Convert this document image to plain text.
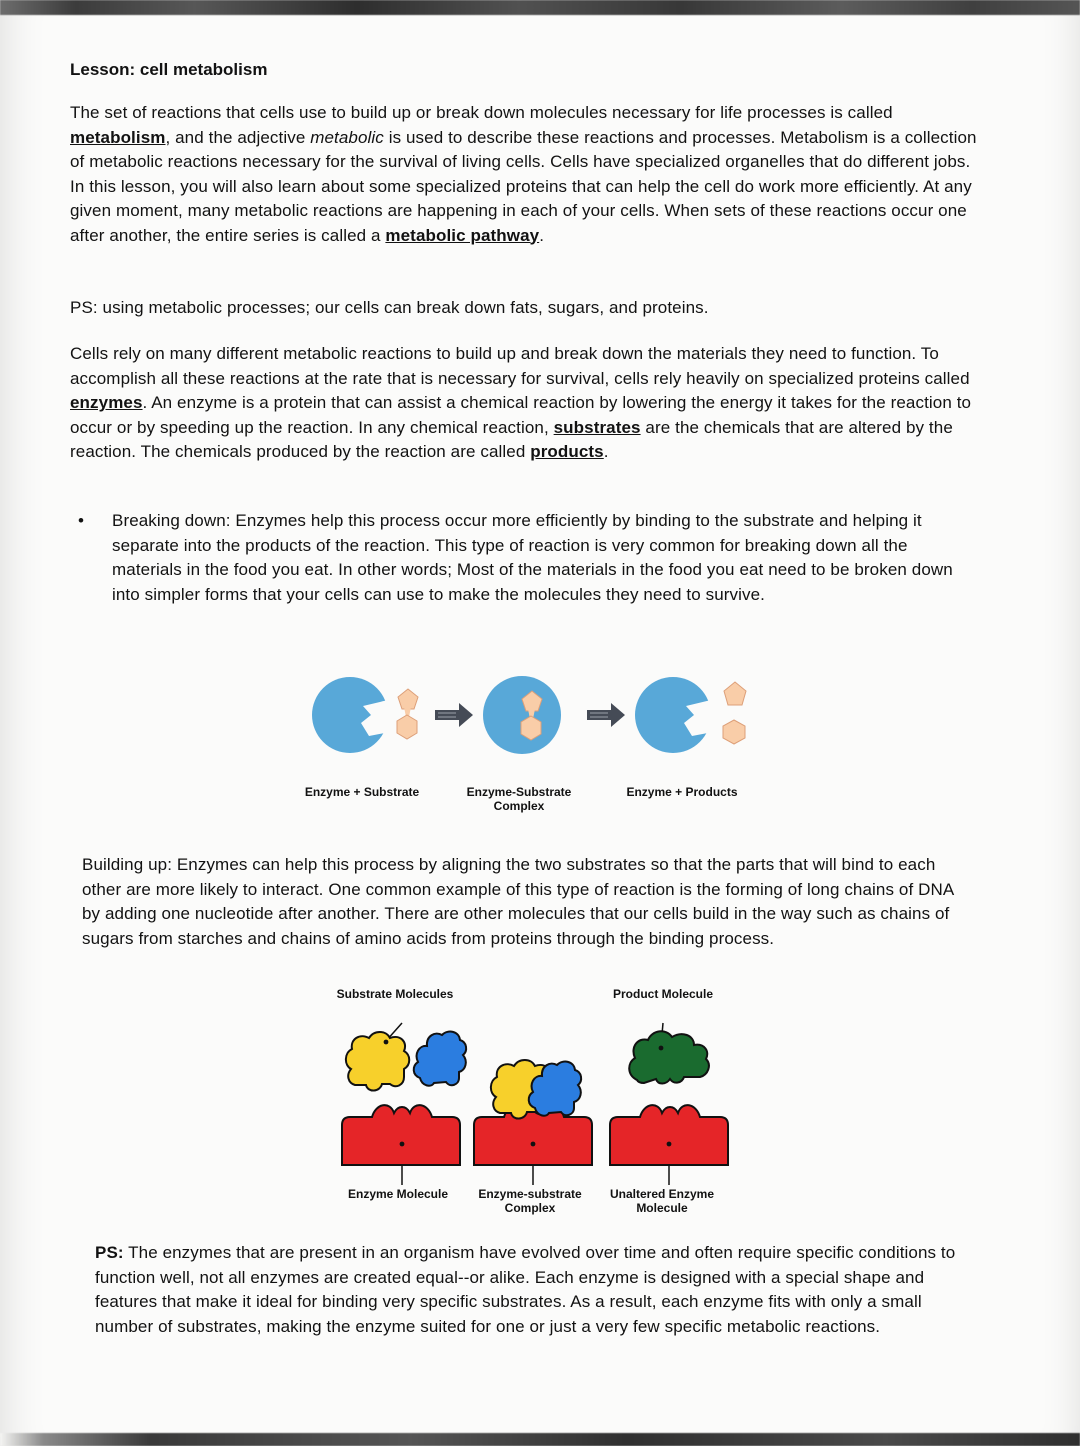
Lesson: cell metabolism

The set of reactions that cells use to build up or break down molecules necessary for life processes is called metabolism, and the adjective metabolic is used to describe these reactions and processes. Metabolism is a collection of metabolic reactions necessary for the survival of living cells. Cells have specialized organelles that do different jobs. In this lesson, you will also learn about some specialized proteins that can help the cell do work more efficiently. At any given moment, many metabolic reactions are happening in each of your cells. When sets of these reactions occur one after another, the entire series is called a metabolic pathway.

PS: using metabolic processes; our cells can break down fats, sugars, and proteins.

Cells rely on many different metabolic reactions to build up and break down the materials they need to function. To accomplish all these reactions at the rate that is necessary for survival, cells rely heavily on specialized proteins called enzymes. An enzyme is a protein that can assist a chemical reaction by lowering the energy it takes for the reaction to occur or by speeding up the reaction. In any chemical reaction, substrates are the chemicals that are altered by the reaction. The chemicals produced by the reaction are called products.

•	Breaking down: Enzymes help this process occur more efficiently by binding to the substrate and helping it separate into the products of the reaction. This type of reaction is very common for breaking down all the materials in the food you eat. In other words; Most of the materials in the food you eat need to be broken down into simpler forms that your cells can use to make the molecules they need to survive.

Enzyme + Substrate	Enzyme-Substrate Complex
Enzyme + Products

Building up: Enzymes can help this process by aligning the two substrates so that the parts that will bind to each other are more likely to interact. One common example of this type of reaction is the forming of long chains of DNA by adding one nucleotide after another. There are other molecules that our cells build in the way such as chains of sugars from starches and chains of amino acids from proteins through the binding process.

Substrate Molecules	Product Molecule
Enzyme Molecule	Enzyme-substrate Complex
Unaltered Enzyme Molecule

PS: The enzymes that are present in an organism have evolved over time and often require specific conditions to function well, not all enzymes are created equal--or alike. Each enzyme is designed with a special shape and features that make it ideal for binding very specific substrates. As a result, each enzyme fits with only a small number of substrates, making the enzyme suited for one or just a very few specific metabolic reactions.
